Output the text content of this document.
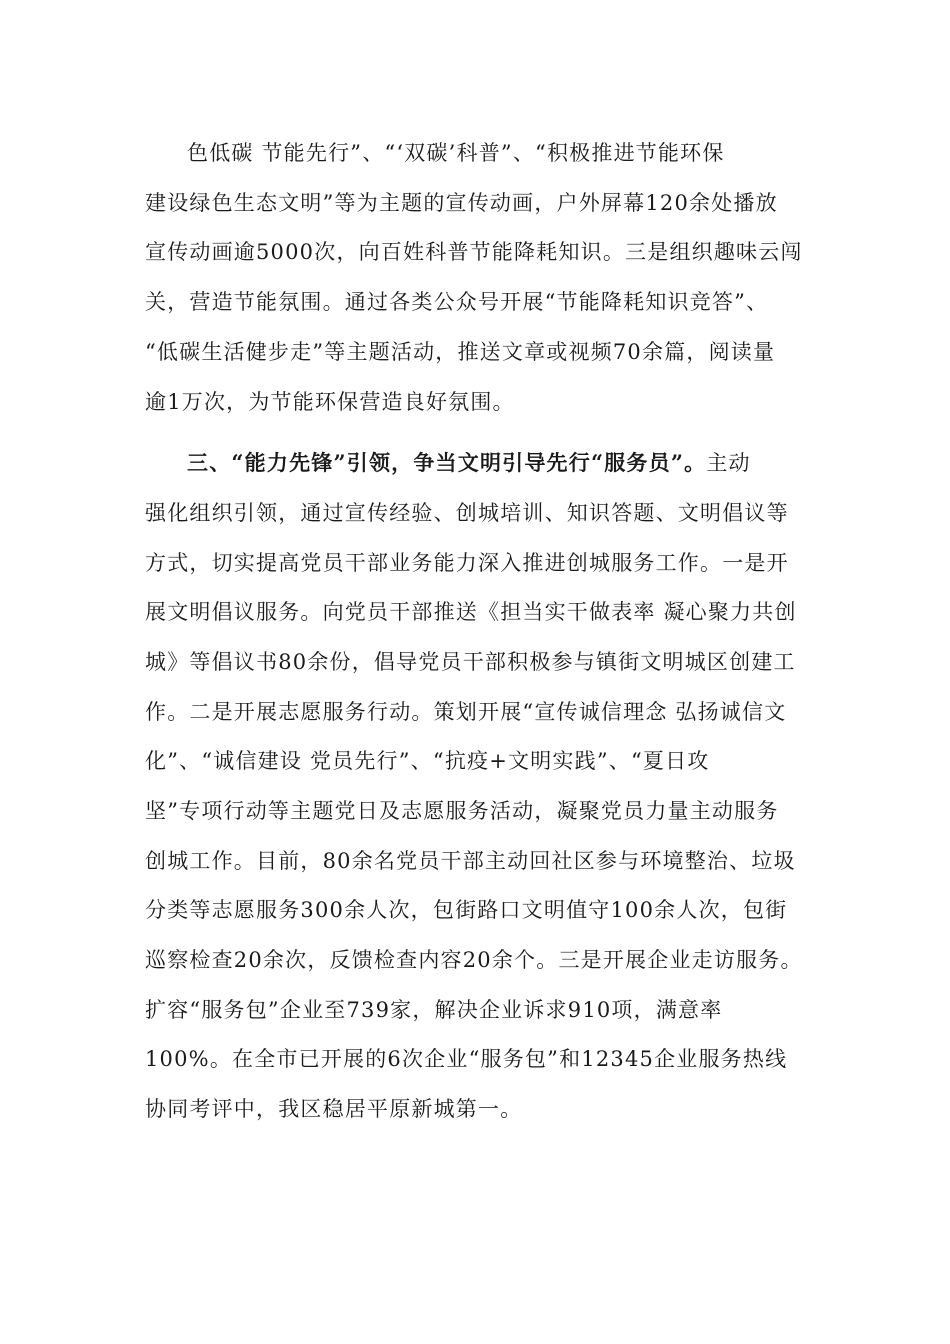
色低碳 节能先行”、“‘双碳’科普”、“积极推进节能环保
建设绿色生态文明”等为主题的宣传动画，户外屏幕120余处播放
宣传动画逾5000次，向百姓科普节能降耗知识。三是组织趣味云闯
关，营造节能氛围。通过各类公众号开展“节能降耗知识竞答”、
“低碳生活健步走”等主题活动，推送文章或视频70余篇，阅读量
逾1万次，为节能环保营造良好氛围。
三、“能力先锋”引领，争当文明引导先行“服务员”。主动
强化组织引领，通过宣传经验、创城培训、知识答题、文明倡议等
方式，切实提高党员干部业务能力深入推进创城服务工作。一是开
展文明倡议服务。向党员干部推送《担当实干做表率 凝心聚力共创
城》等倡议书80余份，倡导党员干部积极参与镇街文明城区创建工
作。二是开展志愿服务行动。策划开展“宣传诚信理念 弘扬诚信文
化”、“诚信建设 党员先行”、“抗疫+文明实践”、“夏日攻
坚”专项行动等主题党日及志愿服务活动，凝聚党员力量主动服务
创城工作。目前，80余名党员干部主动回社区参与环境整治、垃圾
分类等志愿服务300余人次，包街路口文明值守100余人次，包街
巡察检查20余次，反馈检查内容20余个。三是开展企业走访服务。
扩容“服务包”企业至739家，解决企业诉求910项，满意率
100%。在全市已开展的6次企业“服务包”和12345企业服务热线
协同考评中，我区稳居平原新城第一。
